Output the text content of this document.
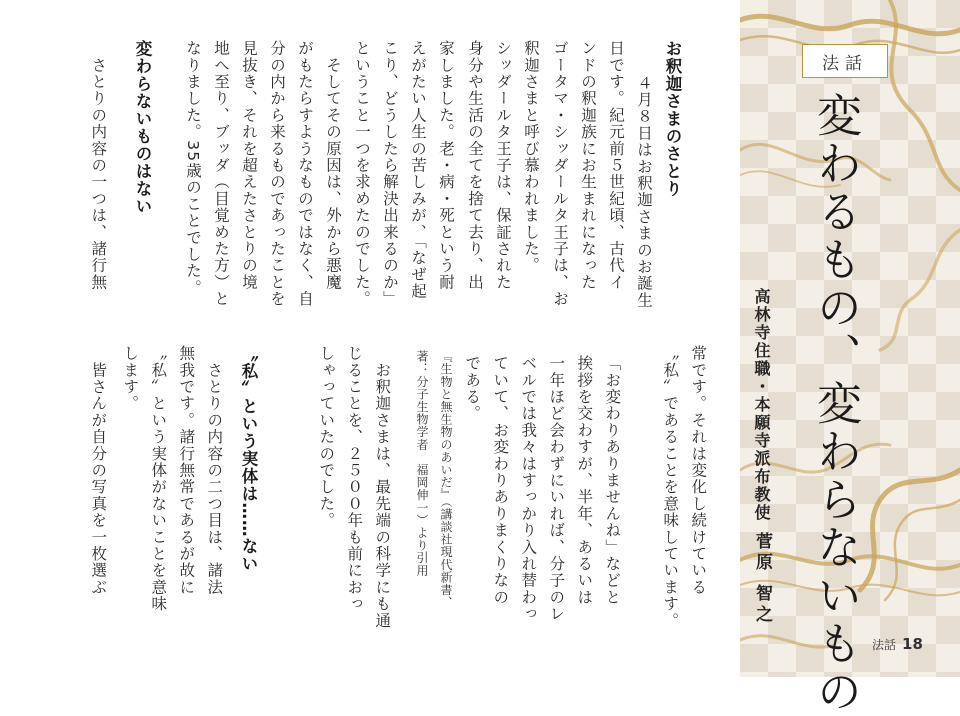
法話
変わるもの、変わらないもの
高林寺住職・本願寺派布教使
菅原 智之
お釈迦さまのさとり
　４月８日はお釈迦さまのお誕生
日です。紀元前５世紀頃、古代イ
ンドの釈迦族にお生まれになった
ゴータマ・シッダールタ王子は、お
釈迦さまと呼び慕われました。
シッダールタ王子は、保証された
身分や生活の全てを捨て去り、出
家しました。老・病・死という耐
えがたい人生の苦しみが、「なぜ起
こり、どうしたら解決出来るのか」
ということ一つを求めたのでした。
　そしてその原因は、外から悪魔
がもたらすようなものではなく、自
分の内から来るものであったことを
見抜き、それを超えたさとりの境
地へ至り、ブッダ（目覚めた方）と
なりました。35歳のことでした。
変わらないものはない
　さとりの内容の一つは、諸行無
常です。それは変化し続けている
〝私〟であることを意味しています。
「お変わりありませんね」などと
挨拶を交わすが、半年、あるいは
一年ほど会わずにいれば、分子のレ
ベルでは我々はすっかり入れ替わっ
ていて、お変わりありまくりなの
である。
『生物と無生物のあいだ』（講談社現代新書、
著：分子生物学者　福岡伸一）より引用
　お釈迦さまは、最先端の科学にも通
じることを、２５００年も前におっ
しゃっていたのでした。
〝私〟という実体は……ない
　さとりの内容の二つ目は、諸法
無我です。諸行無常であるが故に
〝私〟という実体がないことを意味
します。
　皆さんが自分の写真を一枚選ぶ
法話 18
